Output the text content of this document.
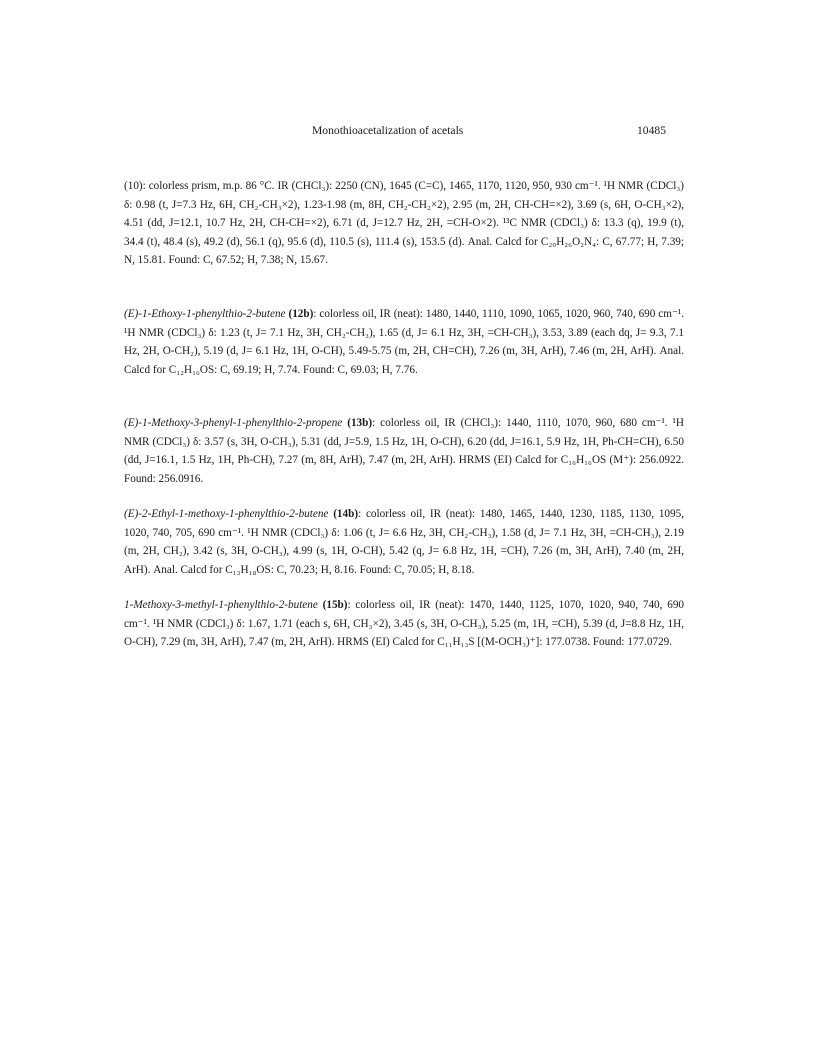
Monothioacetalization of acetals	10485
(10): colorless prism, m.p. 86 °C. IR (CHCl₃): 2250 (CN), 1645 (C=C), 1465, 1170, 1120, 950, 930 cm⁻¹. ¹H NMR (CDCl₃) δ: 0.98 (t, J=7.3 Hz, 6H, CH₂-CH₃×2), 1.23-1.98 (m, 8H, CH₂-CH₂×2), 2.95 (m, 2H, CH-CH=×2), 3.69 (s, 6H, O-CH₃×2), 4.51 (dd, J=12.1, 10.7 Hz, 2H, CH-CH=×2), 6.71 (d, J=12.7 Hz, 2H, =CH-O×2). ¹³C NMR (CDCl₃) δ: 13.3 (q), 19.9 (t), 34.4 (t), 48.4 (s), 49.2 (d), 56.1 (q), 95.6 (d), 110.5 (s), 111.4 (s), 153.5 (d). Anal. Calcd for C₂₀H₂₆O₂N₄: C, 67.77; H, 7.39; N, 15.81. Found: C, 67.52; H, 7.38; N, 15.67.
(E)-1-Ethoxy-1-phenylthio-2-butene (12b): colorless oil, IR (neat): 1480, 1440, 1110, 1090, 1065, 1020, 960, 740, 690 cm⁻¹. ¹H NMR (CDCl₃) δ: 1.23 (t, J= 7.1 Hz, 3H, CH₂-CH₃), 1.65 (d, J= 6.1 Hz, 3H, =CH-CH₃), 3.53, 3.89 (each dq, J= 9.3, 7.1 Hz, 2H, O-CH₂), 5.19 (d, J= 6.1 Hz, 1H, O-CH), 5.49-5.75 (m, 2H, CH=CH), 7.26 (m, 3H, ArH), 7.46 (m, 2H, ArH). Anal. Calcd for C₁₂H₁₆OS: C, 69.19; H, 7.74. Found: C, 69.03; H, 7.76.
(E)-1-Methoxy-3-phenyl-1-phenylthio-2-propene (13b): colorless oil, IR (CHCl₃): 1440, 1110, 1070, 960, 680 cm⁻¹. ¹H NMR (CDCl₃) δ: 3.57 (s, 3H, O-CH₃), 5.31 (dd, J=5.9, 1.5 Hz, 1H, O-CH), 6.20 (dd, J=16.1, 5.9 Hz, 1H, Ph-CH=CH), 6.50 (dd, J=16.1, 1.5 Hz, 1H, Ph-CH), 7.27 (m, 8H, ArH), 7.47 (m, 2H, ArH). HRMS (EI) Calcd for C₁₆H₁₆OS (M⁺): 256.0922. Found: 256.0916.
(E)-2-Ethyl-1-methoxy-1-phenylthio-2-butene (14b): colorless oil, IR (neat): 1480, 1465, 1440, 1230, 1185, 1130, 1095, 1020, 740, 705, 690 cm⁻¹. ¹H NMR (CDCl₃) δ: 1.06 (t, J= 6.6 Hz, 3H, CH₂-CH₃), 1.58 (d, J= 7.1 Hz, 3H, =CH-CH₃), 2.19 (m, 2H, CH₂), 3.42 (s, 3H, O-CH₃), 4.99 (s, 1H, O-CH), 5.42 (q, J= 6.8 Hz, 1H, =CH), 7.26 (m, 3H, ArH), 7.40 (m, 2H, ArH). Anal. Calcd for C₁₃H₁₈OS: C, 70.23; H, 8.16. Found: C, 70.05; H, 8.18.
1-Methoxy-3-methyl-1-phenylthio-2-butene (15b): colorless oil, IR (neat): 1470, 1440, 1125, 1070, 1020, 940, 740, 690 cm⁻¹. ¹H NMR (CDCl₃) δ: 1.67, 1.71 (each s, 6H, CH₃×2), 3.45 (s, 3H, O-CH₃), 5.25 (m, 1H, =CH), 5.39 (d, J=8.8 Hz, 1H, O-CH), 7.29 (m, 3H, ArH), 7.47 (m, 2H, ArH). HRMS (EI) Calcd for C₁₁H₁₃S [(M-OCH₃)⁺]: 177.0738. Found: 177.0729.
